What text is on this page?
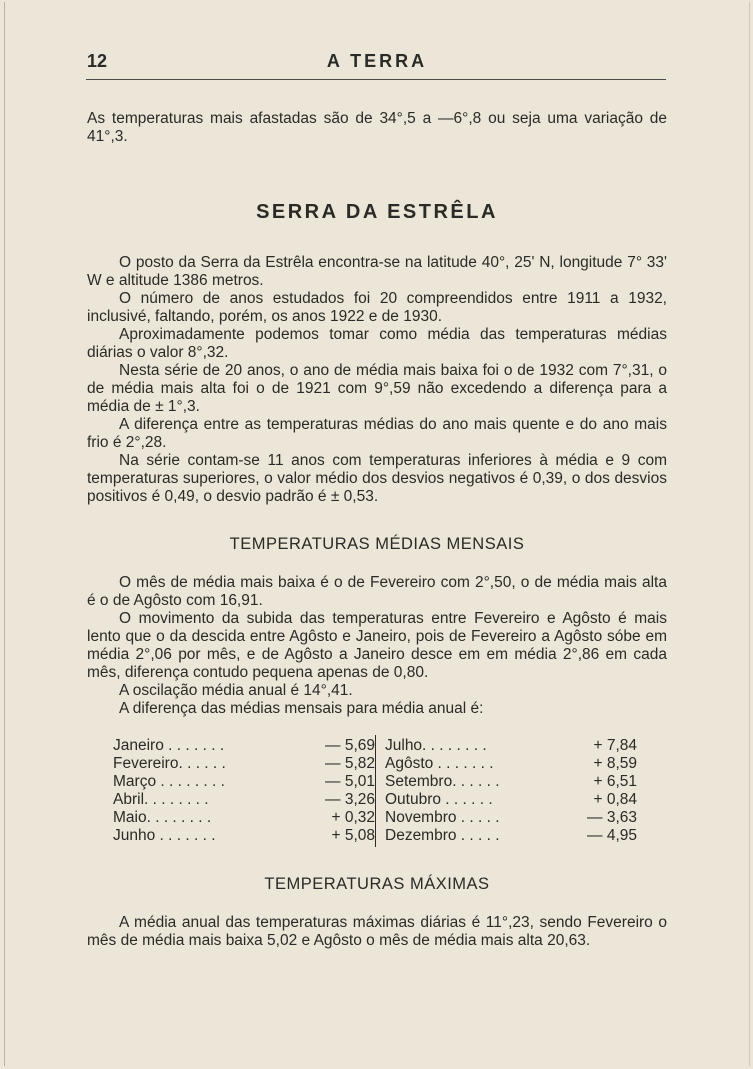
12	A TERRA
As temperaturas mais afastadas são de 34°,5 a —6°,8 ou seja uma variação de 41°,3.
SERRA DA ESTRÊLA
O posto da Serra da Estrêla encontra-se na latitude 40°, 25' N, longitude 7° 33' W e altitude 1386 metros.
O número de anos estudados foi 20 compreendidos entre 1911 a 1932, inclusivé, faltando, porém, os anos 1922 e de 1930.
Aproximadamente podemos tomar como média das temperaturas médias diárias o valor 8°,32.
Nesta série de 20 anos, o ano de média mais baixa foi o de 1932 com 7°,31, o de média mais alta foi o de 1921 com 9°,59 não excedendo a diferença para a média de ± 1°,3.
A diferença entre as temperaturas médias do ano mais quente e do ano mais frio é 2°,28.
Na série contam-se 11 anos com temperaturas inferiores à média e 9 com temperaturas superiores, o valor médio dos desvios negativos é 0,39, o dos desvios positivos é 0,49, o desvio padrão é ± 0,53.
TEMPERATURAS MÉDIAS MENSAIS
O mês de média mais baixa é o de Fevereiro com 2°,50, o de média mais alta é o de Agôsto com 16,91.
O movimento da subida das temperaturas entre Fevereiro e Agôsto é mais lento que o da descida entre Agôsto e Janeiro, pois de Fevereiro a Agôsto sóbe em média 2°,06 por mês, e de Agôsto a Janeiro desce em em média 2°,86 em cada mês, diferença contudo pequena apenas de 0,80.
A oscilação média anual é 14°,41.
A diferença das médias mensais para média anual é:
Janeiro . . . . . . .	— 5,69 Julho. . . . . . . .	+ 7,84
Fevereiro. . . . . .	— 5,82 Agôsto . . . . . . .	+ 8,59
Março . . . . . . . .	— 5,01 Setembro. . . . . .	+ 6,51
Abril. . . . . . . .	— 3,26 Outubro . . . . . .	+ 0,84
Maio. . . . . . . .	+ 0,32 Novembro . . . . .	— 3,63
Junho . . . . . . .	+ 5,08 Dezembro . . . . .	— 4,95
TEMPERATURAS MÁXIMAS
A média anual das temperaturas máximas diárias é 11°,23, sendo Fevereiro o mês de média mais baixa 5,02 e Agôsto o mês de média mais alta 20,63.
